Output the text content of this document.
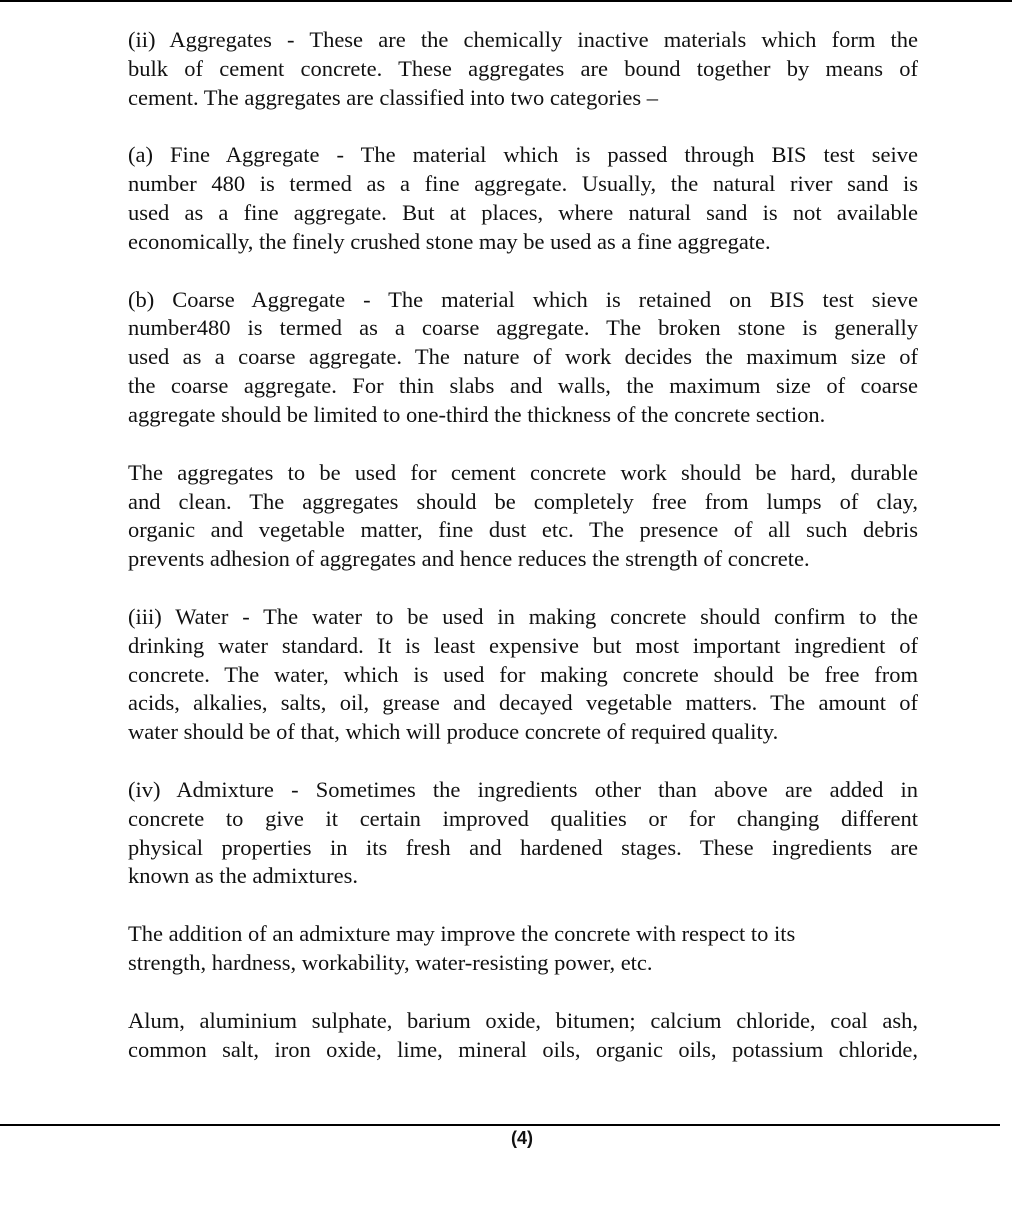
(ii) Aggregates - These are the chemically inactive materials which form the
bulk of cement concrete. These aggregates are bound together by means of
cement. The aggregates are classified into two categories –
(a) Fine Aggregate - The material which is passed through BIS test seive
number 480 is termed as a fine aggregate. Usually, the natural river sand is
used as a fine aggregate. But at places, where natural sand is not available
economically, the finely crushed stone may be used as a fine aggregate.
(b) Coarse Aggregate - The material which is retained on BIS test sieve
number480 is termed as a coarse aggregate. The broken stone is generally
used as a coarse aggregate. The nature of work decides the maximum size of
the coarse aggregate. For thin slabs and walls, the maximum size of coarse
aggregate should be limited to one-third the thickness of the concrete section.
The aggregates to be used for cement concrete work should be hard, durable
and clean. The aggregates should be completely free from lumps of clay,
organic and vegetable matter, fine dust etc. The presence of all such debris
prevents adhesion of aggregates and hence reduces the strength of concrete.
(iii) Water - The water to be used in making concrete should confirm to the
drinking water standard. It is least expensive but most important ingredient of
concrete. The water, which is used for making concrete should be free from
acids, alkalies, salts, oil, grease and decayed vegetable matters. The amount of
water should be of that, which will produce concrete of required quality.
(iv) Admixture - Sometimes the ingredients other than above are added in
concrete to give it certain improved qualities or for changing different
physical properties in its fresh and hardened stages. These ingredients are
known as the admixtures.
The addition of an admixture may improve the concrete with respect to its
strength, hardness, workability, water-resisting power, etc.
Alum, aluminium sulphate, barium oxide, bitumen; calcium chloride, coal ash,
common salt, iron oxide, lime, mineral oils, organic oils, potassium chloride,
(4)
